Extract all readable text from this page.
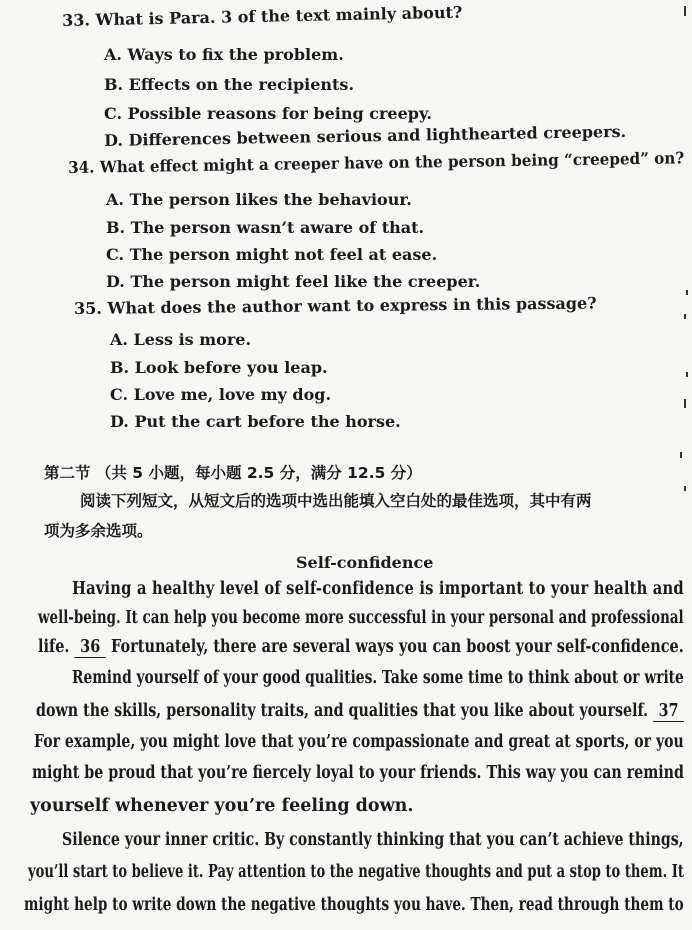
33. What is Para. 3 of the text mainly about?
A. Ways to fix the problem.
B. Effects on the recipients.
C. Possible reasons for being creepy.
D. Differences between serious and lighthearted creepers.
34. What effect might a creeper have on the person being “creeped” on?
A. The person likes the behaviour.
B. The person wasn’t aware of that.
C. The person might not feel at ease.
D. The person might feel like the creeper.
35. What does the author want to express in this passage?
A. Less is more.
B. Look before you leap.
C. Love me, love my dog.
D. Put the cart before the horse.
第二节 （共 5 小题，每小题 2.5 分，满分 12.5 分）
阅读下列短文，从短文后的选项中选出能填入空白处的最佳选项，其中有两
项为多余选项。
Self-confidence
Having a healthy level of self-confidence is important to your health and
well-being. It can help you become more successful in your personal and professional
life. 36 Fortunately, there are several ways you can boost your self-confidence.
Remind yourself of your good qualities. Take some time to think about or write
down the skills, personality traits, and qualities that you like about yourself. 37
For example, you might love that you’re compassionate and great at sports, or you
might be proud that you’re fiercely loyal to your friends. This way you can remind
yourself whenever you’re feeling down.
Silence your inner critic. By constantly thinking that you can’t achieve things,
you’ll start to believe it. Pay attention to the negative thoughts and put a stop to them. It
might help to write down the negative thoughts you have. Then, read through them to
